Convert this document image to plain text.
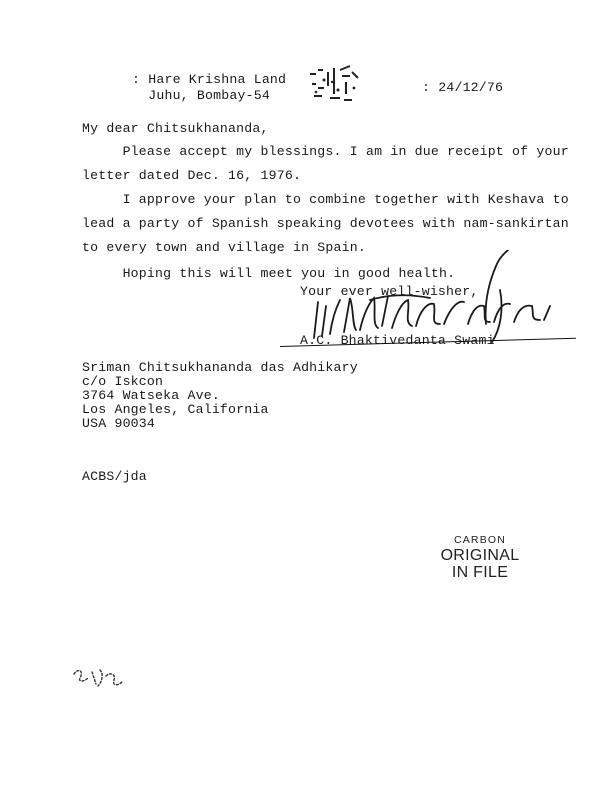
: Hare Krishna Land
Juhu, Bombay-54
: 24/12/76
My dear Chitsukhananda,
Please accept my blessings. I am in due receipt of your
letter dated Dec. 16, 1976.
I approve your plan to combine together with Keshava to
lead a party of Spanish speaking devotees with nam-sankirtan
to every town and village in Spain.
Hoping this will meet you in good health.
Your ever well-wisher,
A.C. Bhaktivedanta Swami
Sriman Chitsukhananda das Adhikary
c/o Iskcon
3764 Watseka Ave.
Los Angeles, California
USA 90034
ACBS/jda
CARBON
ORIGINAL
IN FILE
